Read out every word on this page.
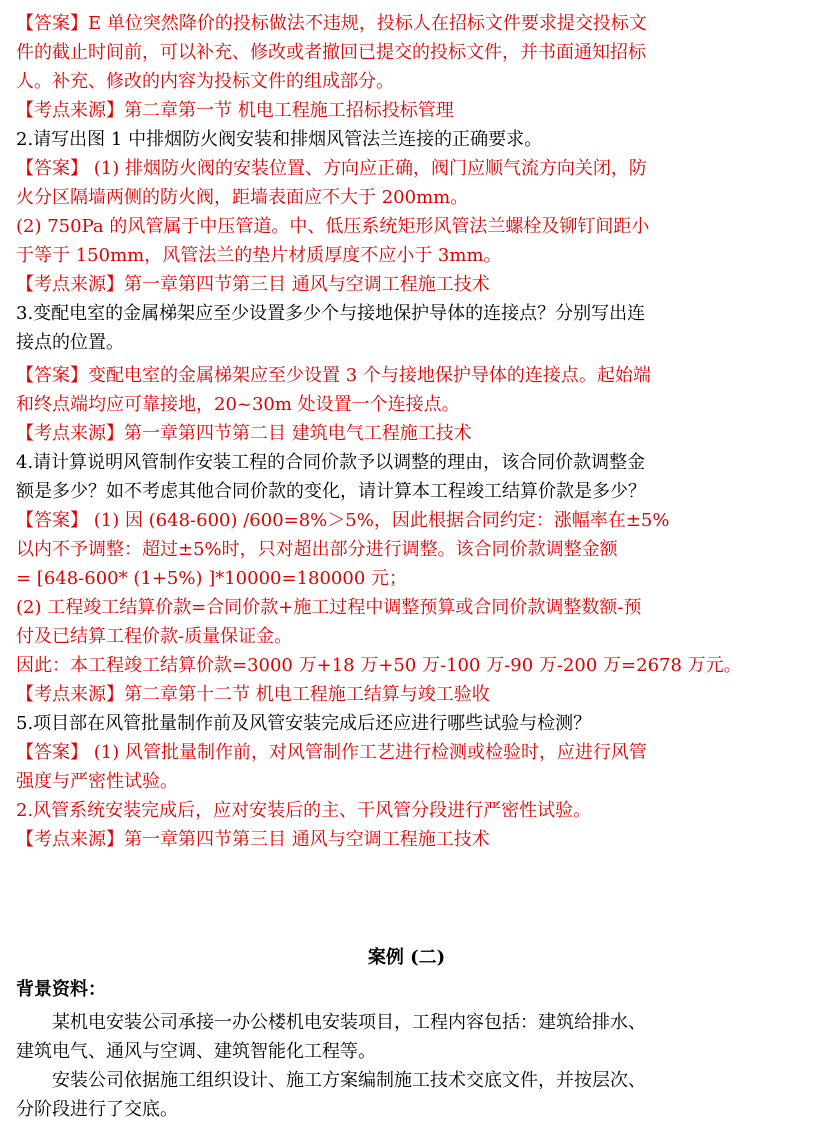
【答案】E 单位突然降价的投标做法不违规，投标人在招标文件要求提交投标文
件的截止时间前，可以补充、修改或者撤回已提交的投标文件，并书面通知招标
人。补充、修改的内容为投标文件的组成部分。
【考点来源】第二章第一节 机电工程施工招标投标管理
2.请写出图 1 中排烟防火阀安装和排烟风管法兰连接的正确要求。
【答案】 (1) 排烟防火阀的安装位置、方向应正确，阀门应顺气流方向关闭，防
火分区隔墙两侧的防火阀，距墙表面应不大于 200mm。
(2) 750Pa 的风管属于中压管道。中、低压系统矩形风管法兰螺栓及铆钉间距小
于等于 150mm，风管法兰的垫片材质厚度不应小于 3mm。
【考点来源】第一章第四节第三目 通风与空调工程施工技术
3.变配电室的金属梯架应至少设置多少个与接地保护导体的连接点？分别写出连
接点的位置。
【答案】变配电室的金属梯架应至少设置 3 个与接地保护导体的连接点。起始端
和终点端均应可靠接地，20~30m 处设置一个连接点。
【考点来源】第一章第四节第二目 建筑电气工程施工技术
4.请计算说明风管制作安装工程的合同价款予以调整的理由，该合同价款调整金
额是多少？如不考虑其他合同价款的变化，请计算本工程竣工结算价款是多少？
【答案】 (1) 因 (648-600) /600=8%＞5%，因此根据合同约定：涨幅率在±5%
以内不予调整：超过±5%时，只对超出部分进行调整。该合同价款调整金额
= [648-600* (1+5%) ]*10000=180000 元；
(2) 工程竣工结算价款=合同价款+施工过程中调整预算或合同价款调整数额-预
付及已结算工程价款-质量保证金。
因此：本工程竣工结算价款=3000 万+18 万+50 万-100 万-90 万-200 万=2678 万元。
【考点来源】第二章第十二节 机电工程施工结算与竣工验收
5.项目部在风管批量制作前及风管安装完成后还应进行哪些试验与检测？
【答案】 (1) 风管批量制作前，对风管制作工艺进行检测或检验时，应进行风管
强度与严密性试验。
2.风管系统安装完成后，应对安装后的主、干风管分段进行严密性试验。
【考点来源】第一章第四节第三目 通风与空调工程施工技术
案例 (二)
背景资料：
某机电安装公司承接一办公楼机电安装项目，工程内容包括：建筑给排水、
建筑电气、通风与空调、建筑智能化工程等。
安装公司依据施工组织设计、施工方案编制施工技术交底文件，并按层次、
分阶段进行了交底。
